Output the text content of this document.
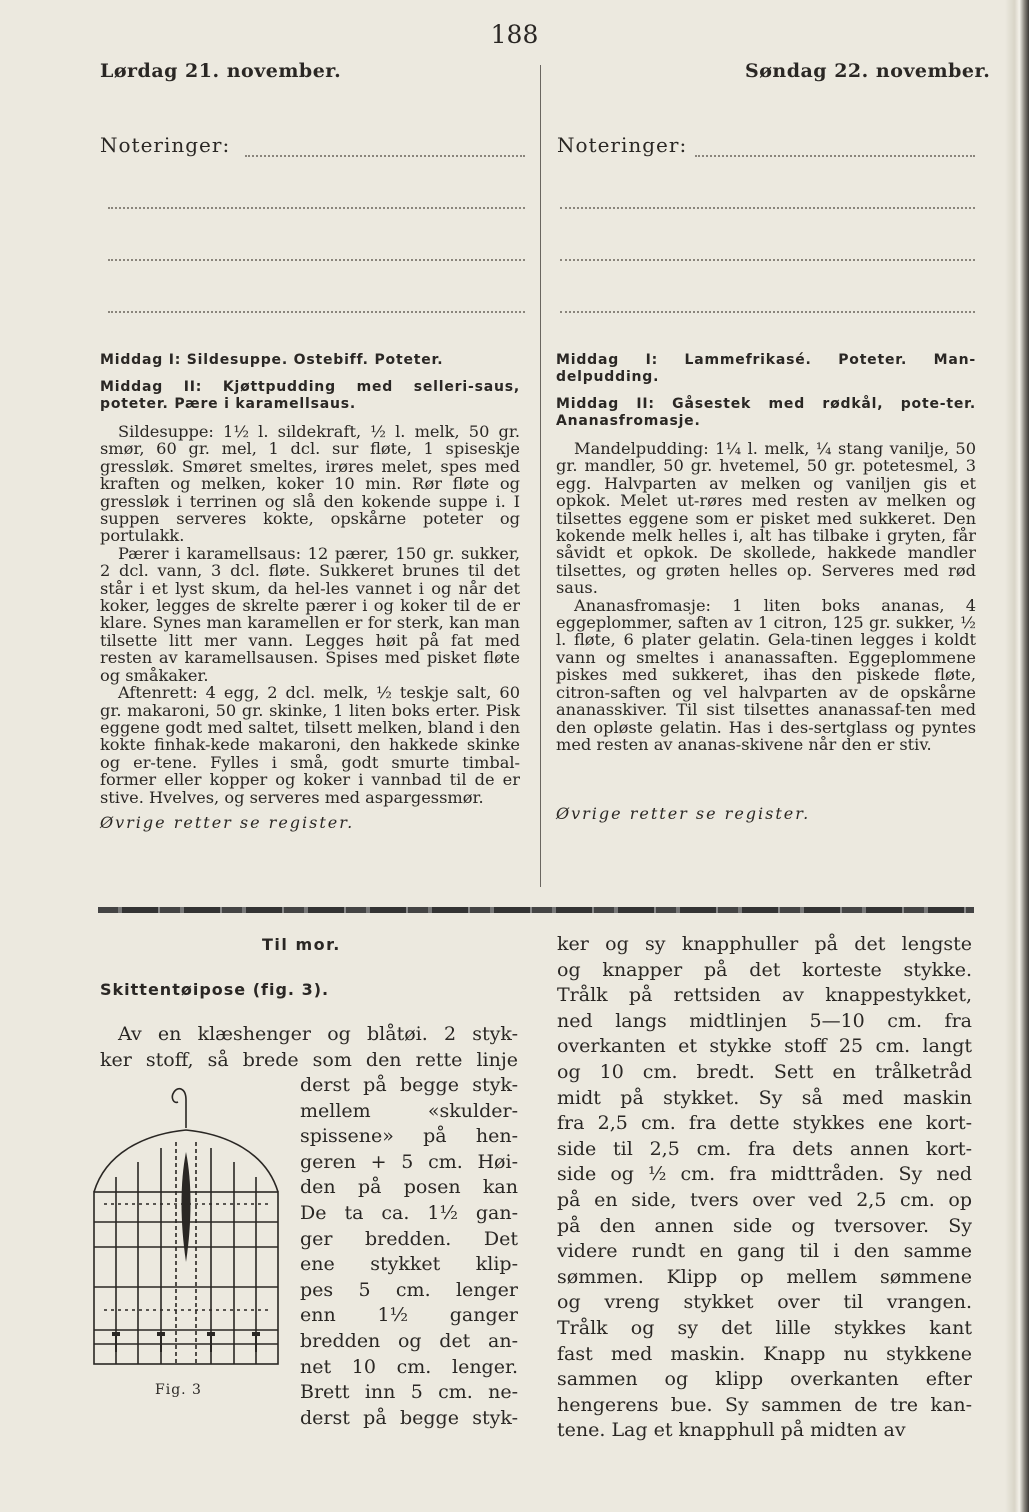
188
Lørdag 21. november.	Søndag 22. november.
Noteringer:	Noteringer:

Middag I: Sildesuppe. Ostebiff. Poteter.

Middag II: Kjøttpudding med selleri-saus, poteter. Pære i karamellsaus.

Sildesuppe: 1½ l. sildekraft, ½ l. melk, 50 gr. smør, 60 gr. mel, 1 dcl. sur fløte, 1 spiseskje gressløk. Smøret smeltes, irøres melet, spes med kraften og melken, koker 10 min. Rør fløte og gressløk i terrinen og slå den kokende suppe i. I suppen serveres kokte, opskårne poteter og portulakk.

Pærer i karamellsaus: 12 pærer, 150 gr. sukker, 2 dcl. vann, 3 dcl. fløte. Sukkeret brunes til det står i et lyst skum, da hel-les vannet i og når det koker, legges de skrelte pærer i og koker til de er klare. Synes man karamellen er for sterk, kan man tilsette litt mer vann. Legges høit på fat med resten av karamellsausen. Spises med pisket fløte og småkaker.

Aftenrett: 4 egg, 2 dcl. melk, ½ teskje salt, 60 gr. makaroni, 50 gr. skinke, 1 liten boks erter. Pisk eggene godt med saltet, tilsett melken, bland i den kokte finhak-kede makaroni, den hakkede skinke og er-tene. Fylles i små, godt smurte timbal-former eller kopper og koker i vannbad til de er stive. Hvelves, og serveres med aspargessmør.

Øvrige retter se register.

Middag I: Lammefrikasé. Poteter. Man-delpudding.

Middag II: Gåsestek med rødkål, pote-ter. Ananasfromasje.

Mandelpudding: 1¼ l. melk, ¼ stang vanilje, 50 gr. mandler, 50 gr. hvetemel, 50 gr. potetesmel, 3 egg. Halvparten av melken og vaniljen gis et opkok. Melet ut-røres med resten av melken og tilsettes eggene som er pisket med sukkeret. Den kokende melk helles i, alt has tilbake i gryten, får såvidt et opkok. De skollede, hakkede mandler tilsettes, og grøten helles op. Serveres med rød saus.

Ananasfromasje: 1 liten boks ananas, 4 eggeplommer, saften av 1 citron, 125 gr. sukker, ½ l. fløte, 6 plater gelatin. Gela-tinen legges i koldt vann og smeltes i ananassaften. Eggeplommene piskes med sukkeret, ihas den piskede fløte, citron-saften og vel halvparten av de opskårne ananasskiver. Til sist tilsettes ananassaf-ten med den opløste gelatin. Has i des-sertglass og pyntes med resten av ananas-skivene når den er stiv.

Øvrige retter se register.

Til mor.
Skittentøipose (fig. 3).

Av en klæshenger og blåtøi. 2 styk-

ker stoff, så brede som den rette linje

derst på begge styk-

mellem «skulder-

spissene» på hen-

geren + 5 cm. Høi-

den på posen kan

De ta ca. 1½ gan-

ger bredden. Det

ene stykket klip-

pes 5 cm. lenger

enn 1½ ganger

bredden og det an-

net 10 cm. lenger.

Brett inn 5 cm. ne-

derst på begge styk-

Fig. 3

ker og sy knapphuller på det lengste

og knapper på det korteste stykke.

Trålk på rettsiden av knappestykket,

ned langs midtlinjen 5—10 cm. fra

overkanten et stykke stoff 25 cm. langt

og 10 cm. bredt. Sett en trålketråd

midt på stykket. Sy så med maskin

fra 2,5 cm. fra dette stykkes ene kort-

side til 2,5 cm. fra dets annen kort-

side og ½ cm. fra midttråden. Sy ned

på en side, tvers over ved 2,5 cm. op

på den annen side og tversover. Sy

videre rundt en gang til i den samme

sømmen. Klipp op mellem sømmene

og vreng stykket over til vrangen.

Trålk og sy det lille stykkes kant

fast med maskin. Knapp nu stykkene

sammen og klipp overkanten efter

hengerens bue. Sy sammen de tre kan-

tene. Lag et knapphull på midten av
